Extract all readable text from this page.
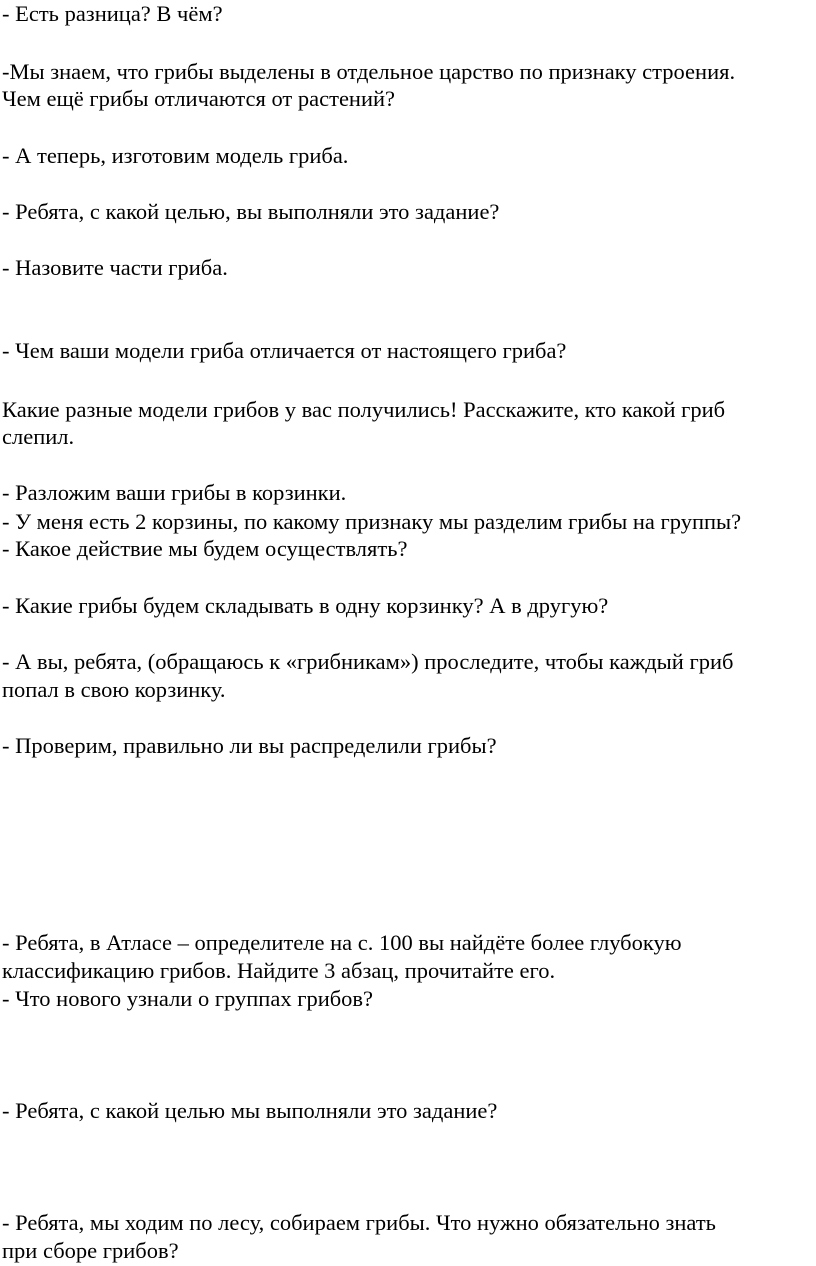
- Есть разница? В чём?
-Мы знаем, что грибы выделены в отдельное царство по признаку строения.
Чем ещё грибы отличаются от растений?
- А теперь, изготовим модель гриба.
- Ребята, с какой целью, вы выполняли это задание?
- Назовите части гриба.
- Чем ваши модели гриба отличается от настоящего гриба?
Какие разные модели грибов у вас получились! Расскажите, кто какой гриб
слепил.
- Разложим ваши грибы в корзинки.
- У меня есть 2 корзины, по какому признаку мы разделим грибы на группы?
- Какое действие мы будем осуществлять?
- Какие грибы будем складывать в одну корзинку? А в другую?
- А вы, ребята, (обращаюсь к «грибникам») проследите, чтобы каждый гриб
попал в свою корзинку.
- Проверим, правильно ли вы распределили грибы?
- Ребята, в Атласе – определителе на с. 100 вы найдёте более глубокую
классификацию грибов. Найдите 3 абзац, прочитайте его.
- Что нового узнали о группах грибов?
- Ребята, с какой целью мы выполняли это задание?
- Ребята, мы ходим по лесу, собираем грибы. Что нужно обязательно знать
при сборе грибов?
